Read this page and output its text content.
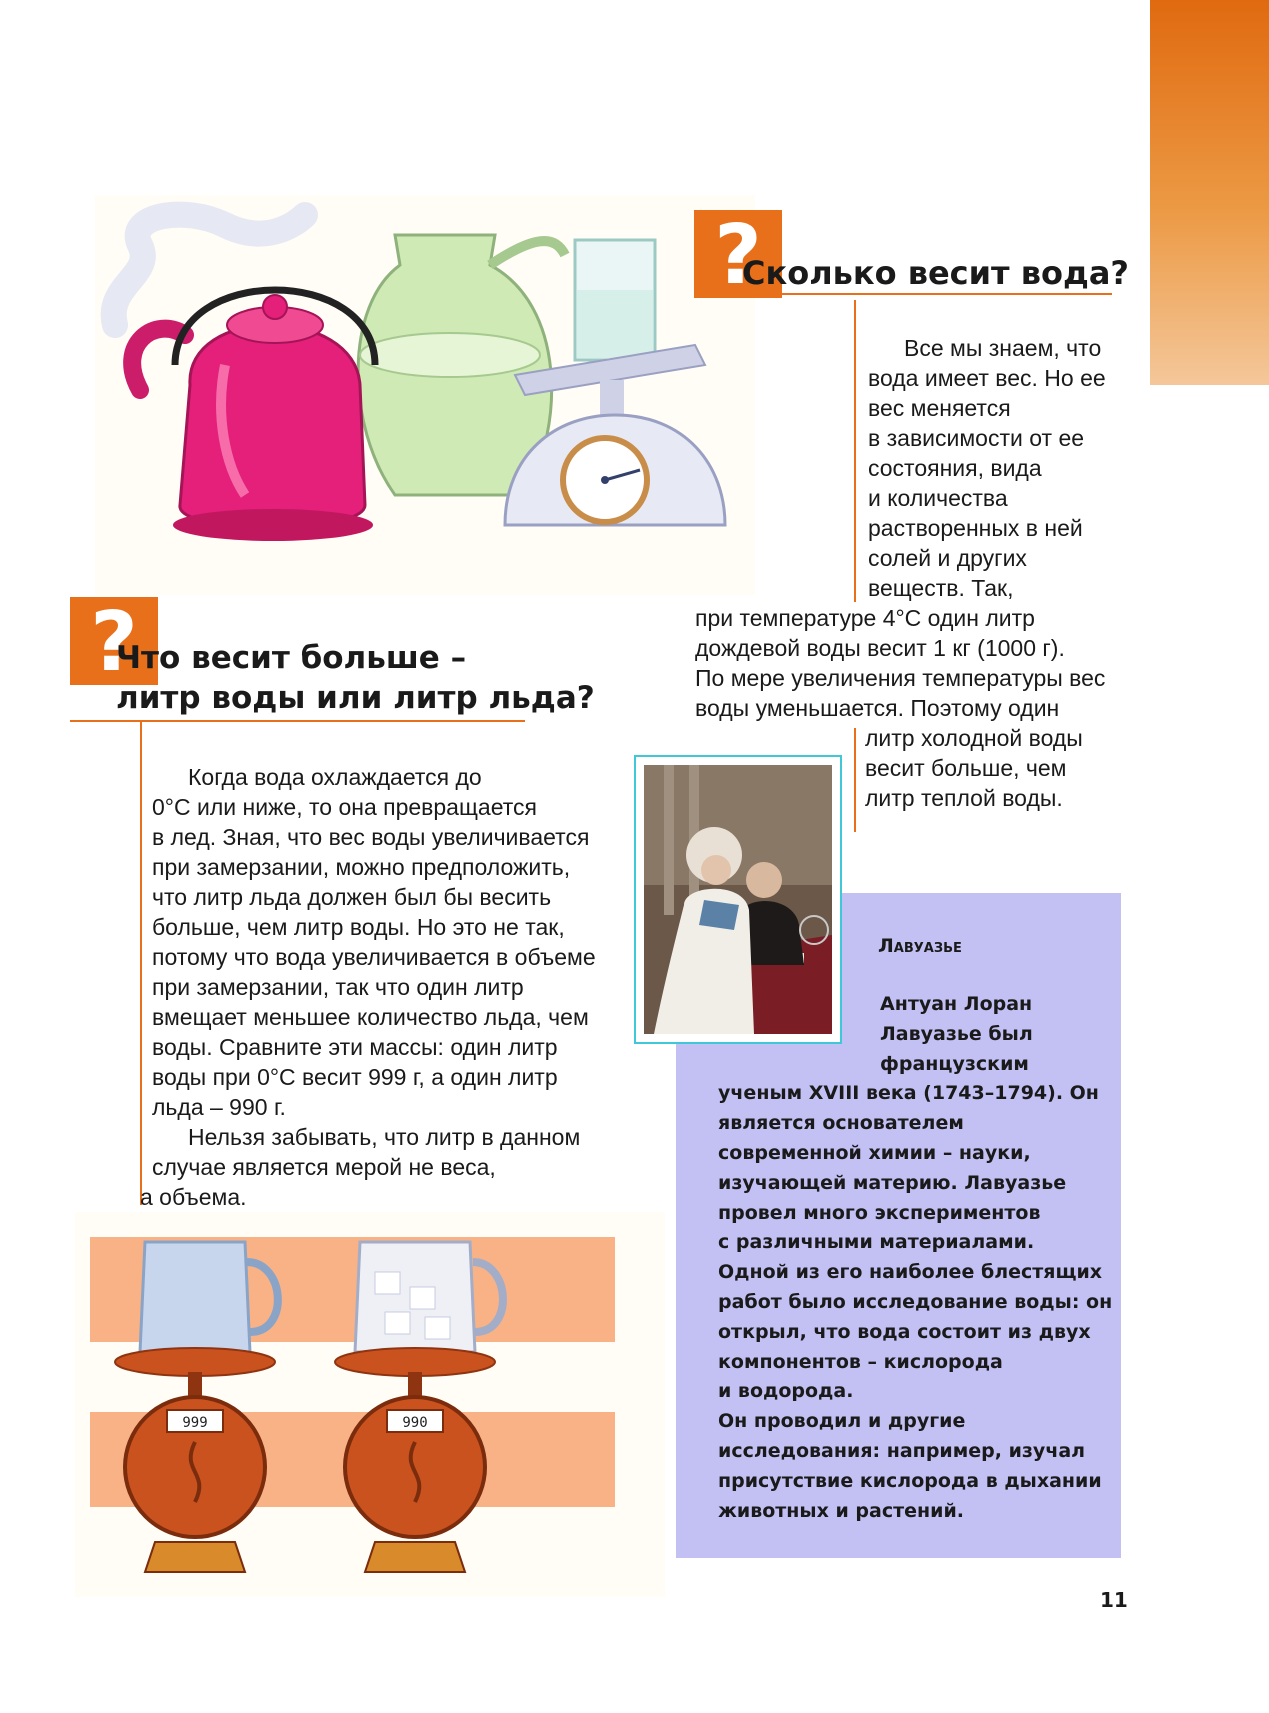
?
Сколько весит вода?
Все мы знаем, что
вода имеет вес. Но ее
вес меняется
в зависимости от ее
состояния, вида
и количества
растворенных в ней
солей и других
веществ. Так,
при температуре 4°С один литр
дождевой воды весит 1 кг (1000 г).
По мере увеличения температуры вес
воды уменьшается. Поэтому один
литр холодной воды
весит больше, чем
литр теплой воды.
?
Что весит больше –
литр воды или литр льда?
Когда вода охлаждается до
0°С или ниже, то она превращается
в лед. Зная, что вес воды увеличивается
при замерзании, можно предположить,
что литр льда должен был бы весить
больше, чем литр воды. Но это не так,
потому что вода увеличивается в объеме
при замерзании, так что один литр
вмещает меньшее количество льда, чем
воды. Сравните эти массы: один литр
воды при 0°С весит 999 г, а один литр
льда – 990 г.
Нельзя забывать, что литр в данном
случае является мерой не веса,
а объема.
Лавуазье
Антуан Лоран
Лавуазье был
французским
ученым XVIII века (1743–1794). Он
является основателем
современной химии – науки,
изучающей материю. Лавуазье
провел много экспериментов
с различными материалами.
Одной из его наиболее блестящих
работ было исследование воды: он
открыл, что вода состоит из двух
компонентов – кислорода
и водорода.
Он проводил и другие
исследования: например, изучал
присутствие кислорода в дыхании
животных и растений.
999	990
11
